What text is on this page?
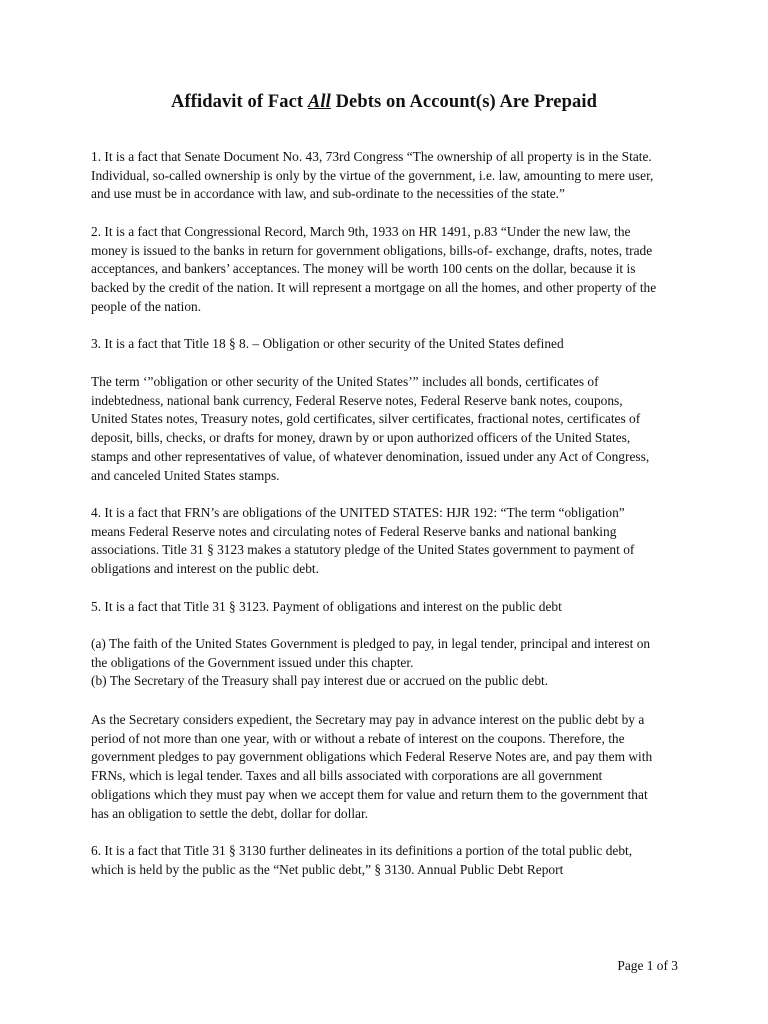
Affidavit of Fact All Debts on Account(s) Are Prepaid
1. It is a fact that Senate Document No. 43, 73rd Congress “The ownership of all property is in the State.
Individual, so-called ownership is only by the virtue of the government, i.e. law, amounting to mere user,
and use must be in accordance with law, and sub-ordinate to the necessities of the state.”
2. It is a fact that Congressional Record, March 9th, 1933 on HR 1491, p.83 “Under the new law, the
money is issued to the banks in return for government obligations, bills-of- exchange, drafts, notes, trade
acceptances, and bankers’ acceptances. The money will be worth 100 cents on the dollar, because it is
backed by the credit of the nation. It will represent a mortgage on all the homes, and other property of the
people of the nation.
3. It is a fact that Title 18 § 8. – Obligation or other security of the United States defined
The term ‘”obligation or other security of the United States’” includes all bonds, certificates of
indebtedness, national bank currency, Federal Reserve notes, Federal Reserve bank notes, coupons,
United States notes, Treasury notes, gold certificates, silver certificates, fractional notes, certificates of
deposit, bills, checks, or drafts for money, drawn by or upon authorized officers of the United States,
stamps and other representatives of value, of whatever denomination, issued under any Act of Congress,
and canceled United States stamps.
4. It is a fact that FRN’s are obligations of the UNITED STATES: HJR 192: “The term “obligation”
means Federal Reserve notes and circulating notes of Federal Reserve banks and national banking
associations. Title 31 § 3123 makes a statutory pledge of the United States government to payment of
obligations and interest on the public debt.
5. It is a fact that Title 31 § 3123. Payment of obligations and interest on the public debt
(a) The faith of the United States Government is pledged to pay, in legal tender, principal and interest on
the obligations of the Government issued under this chapter.
(b) The Secretary of the Treasury shall pay interest due or accrued on the public debt.
As the Secretary considers expedient, the Secretary may pay in advance interest on the public debt by a
period of not more than one year, with or without a rebate of interest on the coupons. Therefore, the
government pledges to pay government obligations which Federal Reserve Notes are, and pay them with
FRNs, which is legal tender. Taxes and all bills associated with corporations are all government
obligations which they must pay when we accept them for value and return them to the government that
has an obligation to settle the debt, dollar for dollar.
6. It is a fact that Title 31 § 3130 further delineates in its definitions a portion of the total public debt,
which is held by the public as the “Net public debt,” § 3130. Annual Public Debt Report
Page 1 of 3
